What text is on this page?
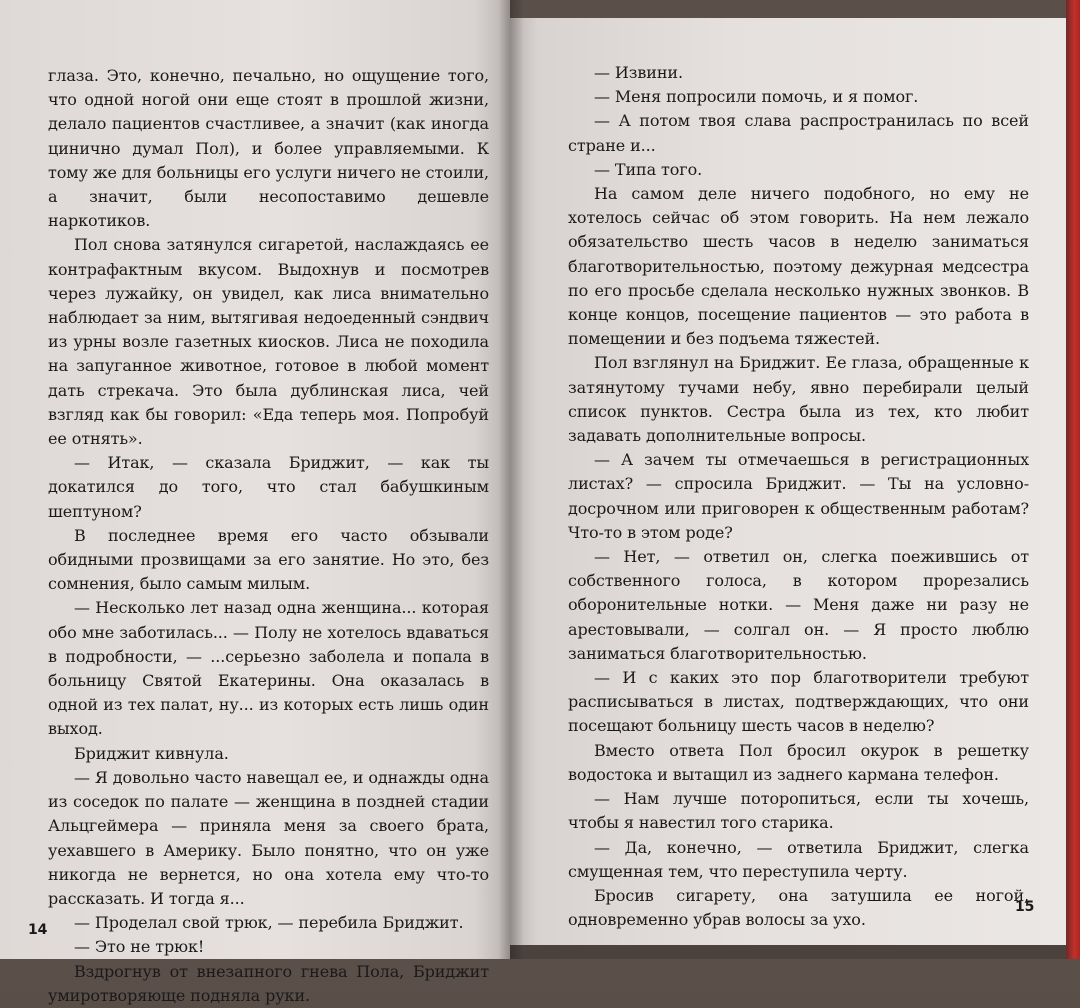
глаза. Это, конечно, печально, но ощущение того, что одной ногой они еще стоят в прошлой жизни, делало пациентов счастливее, а значит (как иногда цинично думал Пол), и более управляемыми. К тому же для больницы его услуги ничего не стоили, а значит, были несопоставимо дешевле наркотиков.

Пол снова затянулся сигаретой, наслаждаясь ее контрафактным вкусом. Выдохнув и посмотрев через лужайку, он увидел, как лиса внимательно наблюдает за ним, вытягивая недоеденный сэндвич из урны возле газетных киосков. Лиса не походила на запуганное животное, готовое в любой момент дать стрекача. Это была дублинская лиса, чей взгляд как бы говорил: «Еда теперь моя. Попробуй ее отнять».

— Итак, — сказала Бриджит, — как ты докатился до того, что стал бабушкиным шептуном?

В последнее время его часто обзывали обидными прозвищами за его занятие. Но это, без сомнения, было самым милым.

— Несколько лет назад одна женщина... которая обо мне заботилась... — Полу не хотелось вдаваться в подробности, — ...серьезно заболела и попала в больницу Святой Екатерины. Она оказалась в одной из тех палат, ну... из которых есть лишь один выход.

Бриджит кивнула.

— Я довольно часто навещал ее, и однажды одна из соседок по палате — женщина в поздней стадии Альцгеймера — приняла меня за своего брата, уехавшего в Америку. Было понятно, что он уже никогда не вернется, но она хотела ему что-то рассказать. И тогда я...

— Проделал свой трюк, — перебила Бриджит.

— Это не трюк!

Вздрогнув от внезапного гнева Пола, Бриджит умиротворяюще подняла руки.

14

— Извини.

— Меня попросили помочь, и я помог.

— А потом твоя слава распространилась по всей стране и...

— Типа того.

На самом деле ничего подобного, но ему не хотелось сейчас об этом говорить. На нем лежало обязательство шесть часов в неделю заниматься благотворительностью, поэтому дежурная медсестра по его просьбе сделала несколько нужных звонков. В конце концов, посещение пациентов — это работа в помещении и без подъема тяжестей.

Пол взглянул на Бриджит. Ее глаза, обращенные к затянутому тучами небу, явно перебирали целый список пунктов. Сестра была из тех, кто любит задавать дополнительные вопросы.

— А зачем ты отмечаешься в регистрационных листах? — спросила Бриджит. — Ты на условно-досрочном или приговорен к общественным работам? Что-то в этом роде?

— Нет, — ответил он, слегка поежившись от собственного голоса, в котором прорезались оборонительные нотки. — Меня даже ни разу не арестовывали, — солгал он. — Я просто люблю заниматься благотворительностью.

— И с каких это пор благотворители требуют расписываться в листах, подтверждающих, что они посещают больницу шесть часов в неделю?

Вместо ответа Пол бросил окурок в решетку водостока и вытащил из заднего кармана телефон.

— Нам лучше поторопиться, если ты хочешь, чтобы я навестил того старика.

— Да, конечно, — ответила Бриджит, слегка смущенная тем, что переступила черту.

Бросив сигарету, она затушила ее ногой, одновременно убрав волосы за ухо.

15
